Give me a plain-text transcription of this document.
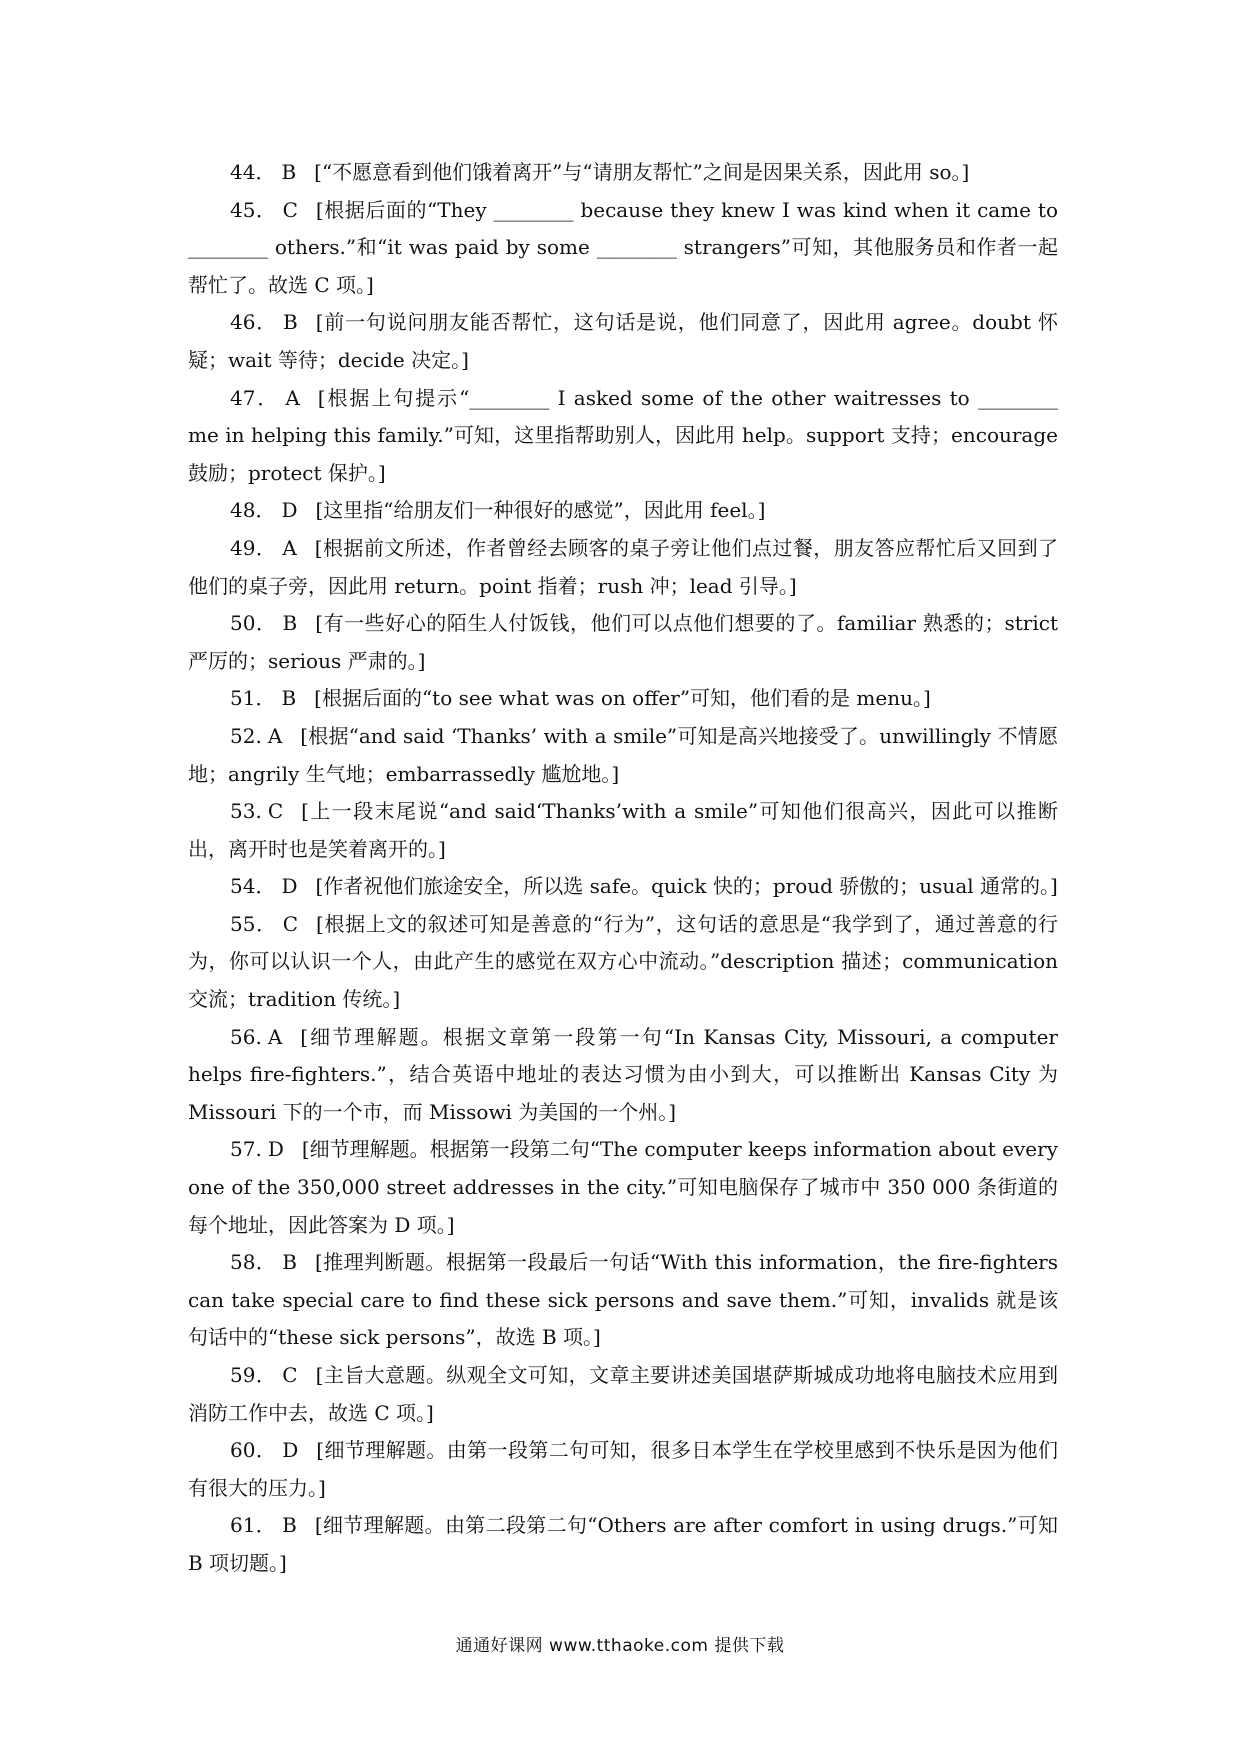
44． B [“不愿意看到他们饿着离开”与“请朋友帮忙”之间是因果关系，因此用 so。]

45． C [根据后面的“They ________ because they knew I was kind when it came to ________ others.”和“it was paid by some ________ strangers”可知，其他服务员和作者一起帮忙了。故选 C 项。]

46． B [前一句说问朋友能否帮忙，这句话是说，他们同意了，因此用 agree。doubt 怀疑；wait 等待；decide 决定。]

47． A [根据上句提示“________ I asked some of the other waitresses to ________ me in helping this family.”可知，这里指帮助别人，因此用 help。support 支持；encourage 鼓励；protect 保护。]

48． D [这里指“给朋友们一种很好的感觉”，因此用 feel。]

49． A [根据前文所述，作者曾经去顾客的桌子旁让他们点过餐，朋友答应帮忙后又回到了他们的桌子旁，因此用 return。point 指着；rush 冲；lead 引导。]

50． B [有一些好心的陌生人付饭钱，他们可以点他们想要的了。familiar 熟悉的；strict 严厉的；serious 严肃的。]

51． B [根据后面的“to see what was on offer”可知，他们看的是 menu。]

52. A [根据“and said ‘Thanks’ with a smile”可知是高兴地接受了。unwillingly 不情愿地；angrily 生气地；embarrassedly 尴尬地。]

53. C [上一段末尾说“and said‘Thanks’with a smile”可知他们很高兴，因此可以推断出，离开时也是笑着离开的。]

54． D [作者祝他们旅途安全，所以选 safe。quick 快的；proud 骄傲的；usual 通常的。]

55． C [根据上文的叙述可知是善意的“行为”，这句话的意思是“我学到了，通过善意的行为，你可以认识一个人，由此产生的感觉在双方心中流动。”description 描述；communication 交流；tradition 传统。]

56. A [细节理解题。根据文章第一段第一句“In Kansas City, Missouri, a computer helps fire-fighters.”，结合英语中地址的表达习惯为由小到大，可以推断出 Kansas City 为 Missouri 下的一个市，而 Missowi 为美国的一个州。]

57. D [细节理解题。根据第一段第二句“The computer keeps information about every one of the 350,000 street addresses in the city.”可知电脑保存了城市中 350 000 条街道的每个地址，因此答案为 D 项。]

58． B [推理判断题。根据第一段最后一句话“With this information，the fire-fighters can take special care to find these sick persons and save them.”可知，invalids 就是该句话中的“these sick persons”，故选 B 项。]

59． C [主旨大意题。纵观全文可知，文章主要讲述美国堪萨斯城成功地将电脑技术应用到消防工作中去，故选 C 项。]

60． D [细节理解题。由第一段第二句可知，很多日本学生在学校里感到不快乐是因为他们有很大的压力。]

61． B [细节理解题。由第二段第二句“Others are after comfort in using drugs.”可知 B 项切题。]

通通好课网 www.tthaoke.com 提供下载
